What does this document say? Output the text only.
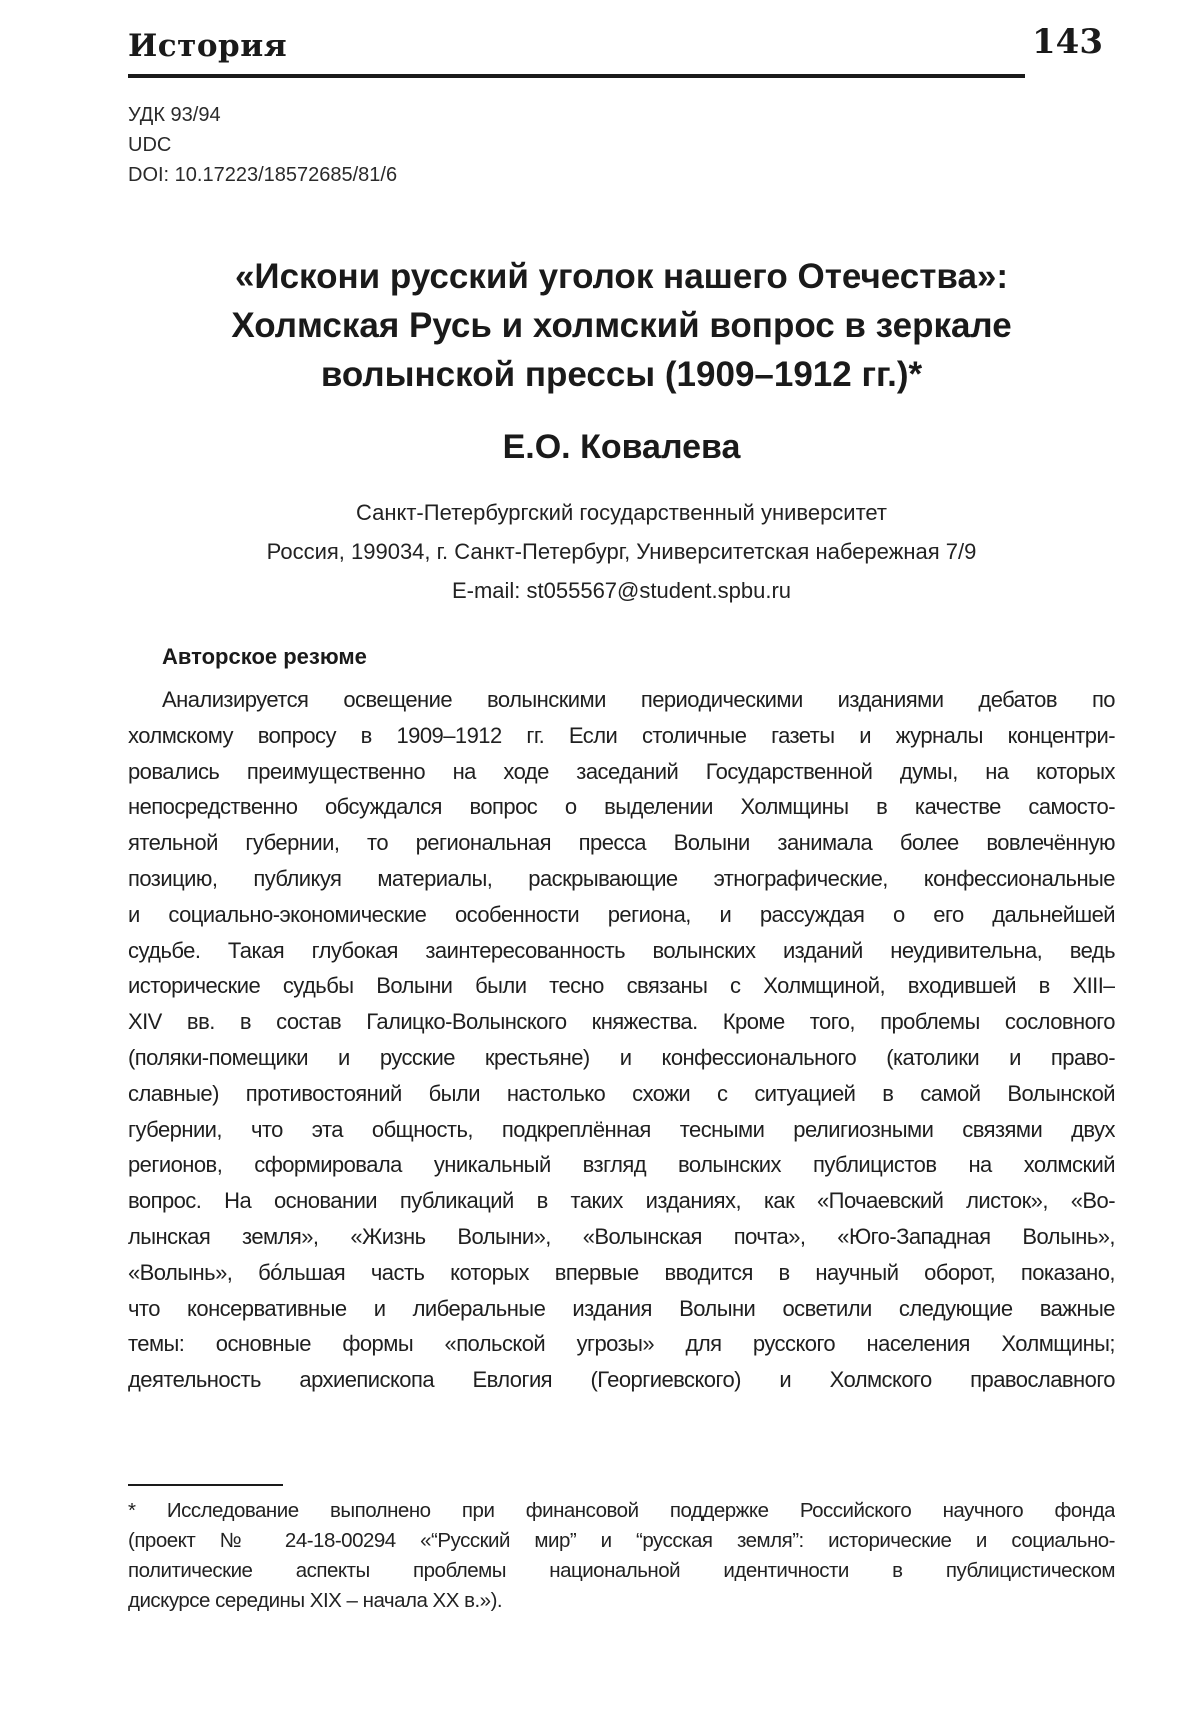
История	143
УДК 93/94
UDC
DOI: 10.17223/18572685/81/6
«Искони русский уголок нашего Отечества»:
Холмская Русь и холмский вопрос в зеркале
волынской прессы (1909–1912 гг.)*
Е.О. Ковалева
Санкт-Петербургский государственный университет
Россия, 199034, г. Санкт-Петербург, Университетская набережная 7/9
E-mail: st055567@student.spbu.ru
Авторское резюме
Анализируется освещение волынскими периодическими изданиями дебатов по
холмскому вопросу в 1909–1912 гг. Если столичные газеты и журналы концентри-
ровались преимущественно на ходе заседаний Государственной думы, на которых
непосредственно обсуждался вопрос о выделении Холмщины в качестве самосто-
ятельной губернии, то региональная пресса Волыни занимала более вовлечённую
позицию, публикуя материалы, раскрывающие этнографические, конфессиональные
и социально-экономические особенности региона, и рассуждая о его дальнейшей
судьбе. Такая глубокая заинтересованность волынских изданий неудивительна, ведь
исторические судьбы Волыни были тесно связаны с Холмщиной, входившей в XIII–
XIV вв. в состав Галицко-Волынского княжества. Кроме того, проблемы сословного
(поляки-помещики и русские крестьяне) и конфессионального (католики и право-
славные) противостояний были настолько схожи с ситуацией в самой Волынской
губернии, что эта общность, подкреплённая тесными религиозными связями двух
регионов, сформировала уникальный взгляд волынских публицистов на холмский
вопрос. На основании публикаций в таких изданиях, как «Почаевский листок», «Во-
лынская земля», «Жизнь Волыни», «Волынская почта», «Юго-Западная Волынь»,
«Волынь», бóльшая часть которых впервые вводится в научный оборот, показано,
что консервативные и либеральные издания Волыни осветили следующие важные
темы: основные формы «польской угрозы» для русского населения Холмщины;
деятельность архиепископа Евлогия (Георгиевского) и Холмского православного
* Исследование выполнено при финансовой поддержке Российского научного фонда
(проект № 24-18-00294 «“Русский мир” и “русская земля”: исторические и социально-
политические аспекты проблемы национальной идентичности в публицистическом
дискурсе середины XIX – начала XX в.»).
